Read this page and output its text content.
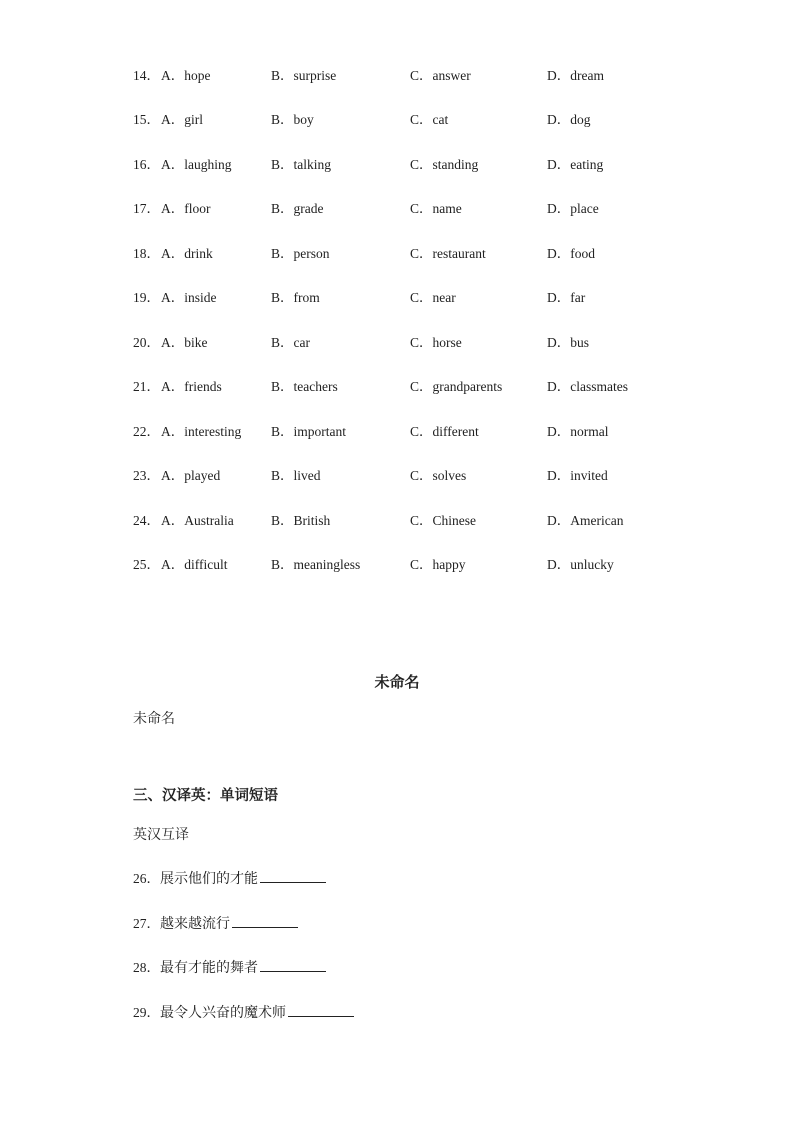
14． A．hope	B．surprise	C．answer	D．dream
15． A．girl	B．boy	C．cat	D．dog
16． A．laughing	B．talking	C．standing	D．eating
17． A．floor	B．grade	C．name	D．place
18． A．drink	B．person	C．restaurant	D．food
19． A．inside	B．from	C．near	D．far
20． A．bike	B．car	C．horse	D．bus
21． A．friends	B．teachers	C．grandparents	D．classmates
22． A．interesting B．important	C．different	D．normal
23． A．played	B．lived	C．solves	D．invited
24． A．Australia	B．British	C．Chinese	D．American
25． A．difficult	B．meaningless	C．happy	D．unlucky
未命名
未命名
三、汉译英：单词短语
英汉互译
26．展示他们的才能
27．越来越流行
28．最有才能的舞者
29．最令人兴奋的魔术师
